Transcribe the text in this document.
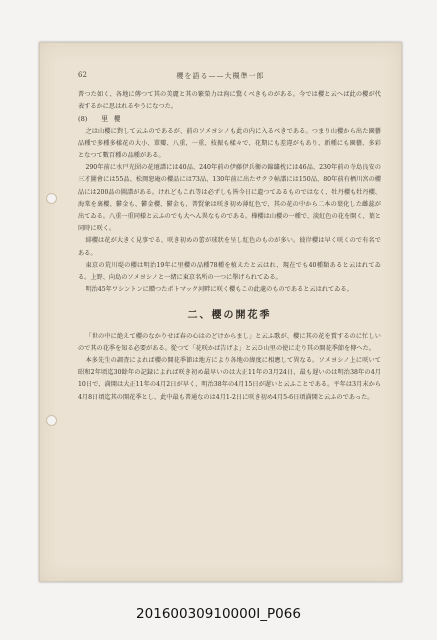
62	櫻を語る——大槻準一郎

普つた如く、各地に傳つて其の美麗と其の繁榮力は洵に驚くべきものがある。今では櫻と云へば此の櫻が代表するかに思はれるやうになつた。

(8) 里櫻

之は山櫻に對して云ふのであるが、前のソメヨシノも此の内に入るべきである。つまり山櫻から出た園藝品種で多種多樣花の大小、單瓣、八重、一重、枝振も樣々で、花期にも差違がもあり、新種にも園藝、多彩となつて數百種の品種がある。

290年前に水戸光圀の花壇譜には40品、240年前の伊藤伊兵衛の錦繍枕には46品、230年前の寺島良安の三才圖會には55品、松岡恕庵の櫻品には73品、130年前に出たサクラ帖譜には150品、80年前有栖川宮の櫻品には200品の圖譜がある。けれどもこれ等は必ずしも皆今日に遺つてゐるものではなく、牡丹櫻も牡丹櫻、海棠を裏櫻、鬱金も、鬱金櫻、鬱金も、普賢象は咲き初め薄紅色で、其の花の中から二本の葉化した雌蕊が出てゐる。八重一重同様と云ふのでも大へん異なものである。樺櫻は山櫻の一種で、淡紅色の花を開く、葉と同時に咲く。

緋櫻は花が大きく見事でる、咲き初めの蕾が球狀を呈し紅色のものが多い。彼岸櫻は早く咲くので有名である。

東京の荒川堤の櫻は明治19年に里櫻の品種78種を植えたと云はれ、現在でも40種類あると云はれてゐる。上野、向島のソメヨシノと一緒に東京名所の一つに擧げられてゐる。

明治45年ワシントンに贈つたポトマック河畔に咲く櫻もこの此處のものであると云はれてゐる。

二、櫻の開花季

「世の中に絶えて櫻のなかりせば春の心はのどけからまし」と云ふ歌が、櫻に其の花を賞するのに忙しいので其の花季を知る必要がある。從つて「花咲かば告げよ」と云ひ山里の使に走り其の開花季節を傳へた。

本多先生の調査によれば櫻の開花季節は地方により各地の緯度に相應して異なる。ソメヨシノ上に咲いて昭和2年頃迄30餘年の記録によれば咲き初め最早いのは大正11年の3月24日、最も遅いのは明治38年の4月10日で、満開は大正11年の4月2日が早く、明治38年の4月15日が遅いと云ふことである。平年は3月末から4月8日頃迄其の開花季とし、此中最も普通なのは4月1-2日に咲き初め4月5-6日頃満開と云ふのであった。

20160030910000I_P066
